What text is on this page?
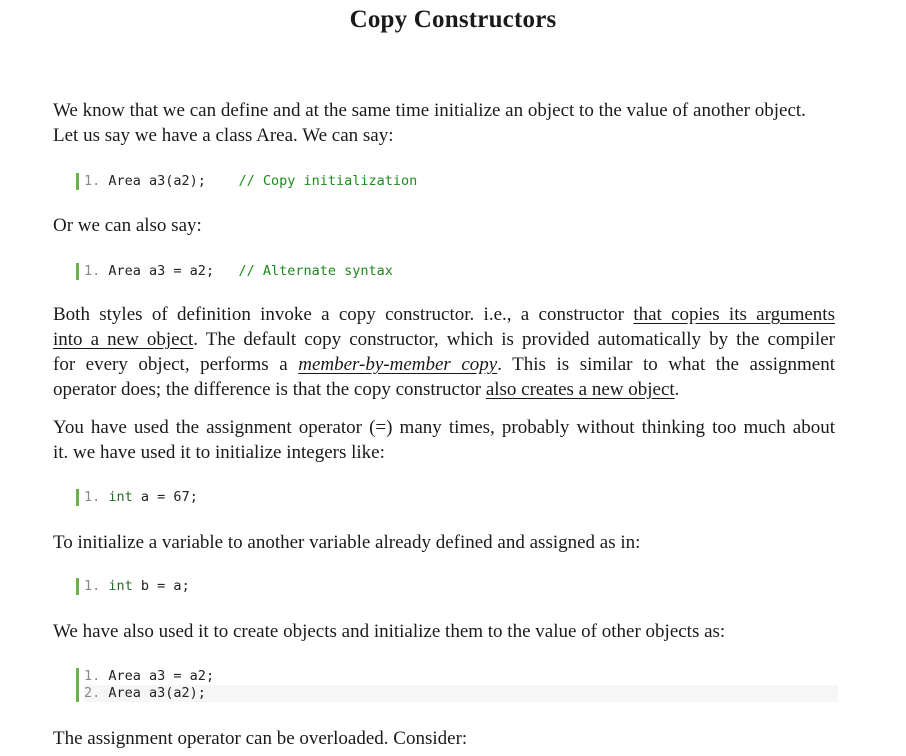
Copy Constructors
We know that we can define and at the same time initialize an object to the value of another object.
Let us say we have a class Area. We can say:
1. Area a3(a2); // Copy initialization
Or we can also say:
1. Area a3 = a2; // Alternate syntax
Both styles of definition invoke a copy constructor. i.e., a constructor that copies its arguments
into a new object. The default copy constructor, which is provided automatically by the compiler
for every object, performs a member-by-member copy. This is similar to what the assignment
operator does; the difference is that the copy constructor also creates a new object.
You have used the assignment operator (=) many times, probably without thinking too much about
it. we have used it to initialize integers like:
1. int a = 67;
To initialize a variable to another variable already defined and assigned as in:
1. int b = a;
We have also used it to create objects and initialize them to the value of other objects as:
1. Area a3 = a2;
2. Area a3(a2);
The assignment operator can be overloaded. Consider:
